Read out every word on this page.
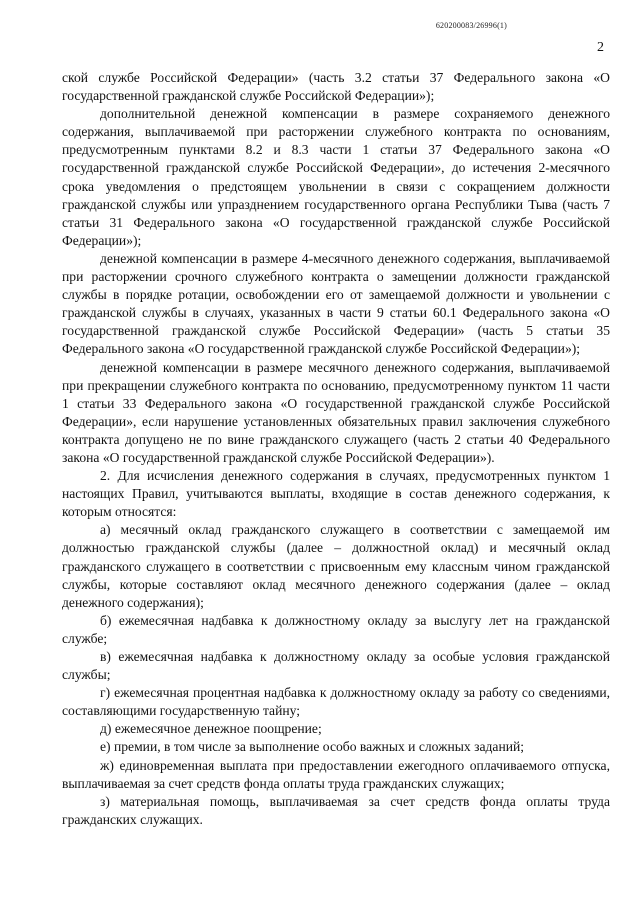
620200083/26996(1)
2

ской службе Российской Федерации» (часть 3.2 статьи 37 Федерального закона «О государственной гражданской службе Российской Федерации»);

дополнительной денежной компенсации в размере сохраняемого денежного содержания, выплачиваемой при расторжении служебного контракта по основаниям, предусмотренным пунктами 8.2 и 8.3 части 1 статьи 37 Федерального закона «О государственной гражданской службе Российской Федерации», до истечения 2-месячного срока уведомления о предстоящем увольнении в связи с сокращением должности гражданской службы или упразднением государственного органа Республики Тыва (часть 7 статьи 31 Федерального закона «О государственной гражданской службе Российской Федерации»);

денежной компенсации в размере 4-месячного денежного содержания, выплачиваемой при расторжении срочного служебного контракта о замещении должности гражданской службы в порядке ротации, освобождении его от замещаемой должности и увольнении с гражданской службы в случаях, указанных в части 9 статьи 60.1 Федерального закона «О государственной гражданской службе Российской Федерации» (часть 5 статьи 35 Федерального закона «О государственной гражданской службе Российской Федерации»);

денежной компенсации в размере месячного денежного содержания, выплачиваемой при прекращении служебного контракта по основанию, предусмотренному пунктом 11 части 1 статьи 33 Федерального закона «О государственной гражданской службе Российской Федерации», если нарушение установленных обязательных правил заключения служебного контракта допущено не по вине гражданского служащего (часть 2 статьи 40 Федерального закона «О государственной гражданской службе Российской Федерации»).

2. Для исчисления денежного содержания в случаях, предусмотренных пунктом 1 настоящих Правил, учитываются выплаты, входящие в состав денежного содержания, к которым относятся:

а) месячный оклад гражданского служащего в соответствии с замещаемой им должностью гражданской службы (далее – должностной оклад) и месячный оклад гражданского служащего в соответствии с присвоенным ему классным чином гражданской службы, которые составляют оклад месячного денежного содержания (далее – оклад денежного содержания);

б) ежемесячная надбавка к должностному окладу за выслугу лет на гражданской службе;

в) ежемесячная надбавка к должностному окладу за особые условия гражданской службы;

г) ежемесячная процентная надбавка к должностному окладу за работу со сведениями, составляющими государственную тайну;

д) ежемесячное денежное поощрение;

е) премии, в том числе за выполнение особо важных и сложных заданий;

ж) единовременная выплата при предоставлении ежегодного оплачиваемого отпуска, выплачиваемая за счет средств фонда оплаты труда гражданских служащих;

з) материальная помощь, выплачиваемая за счет средств фонда оплаты труда гражданских служащих.
